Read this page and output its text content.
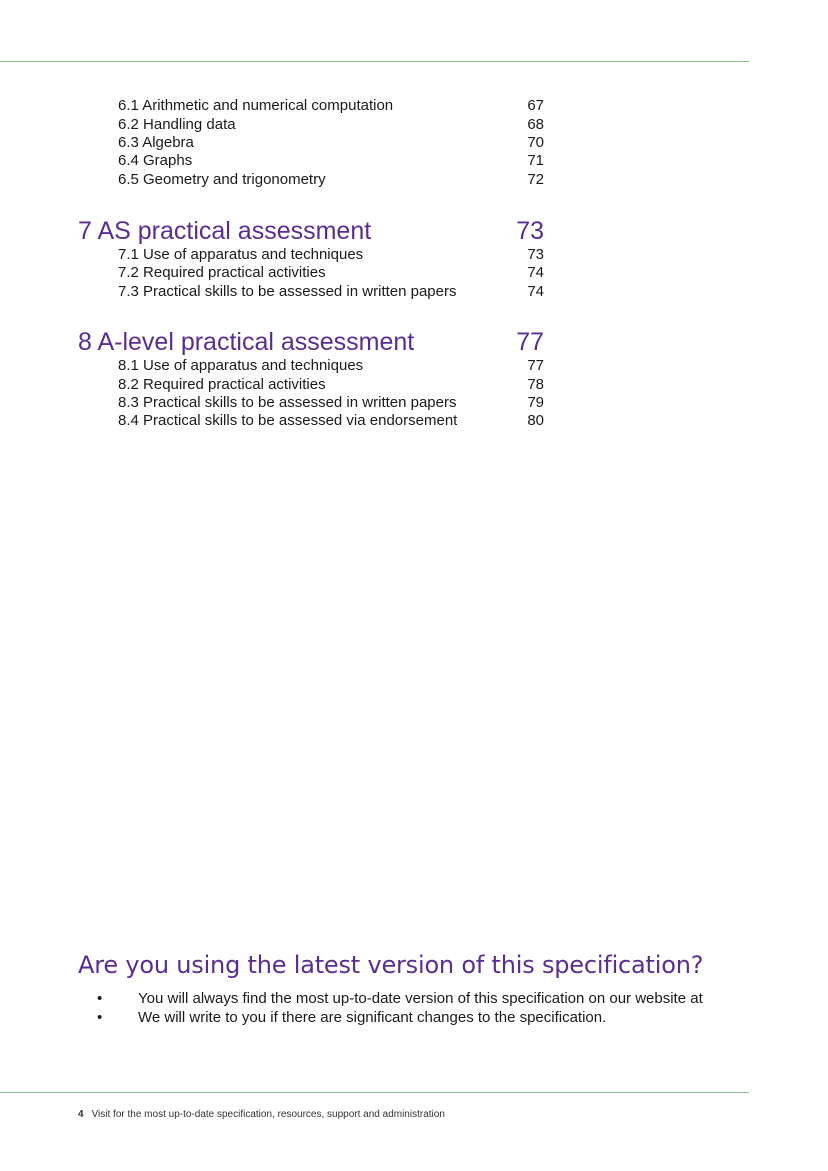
6.1 Arithmetic and numerical computation	67
6.2 Handling data	68
6.3 Algebra	70
6.4 Graphs	71
6.5 Geometry and trigonometry	72
7 AS practical assessment	73
7.1 Use of apparatus and techniques	73
7.2 Required practical activities	74
7.3 Practical skills to be assessed in written papers	74
8 A-level practical assessment	77
8.1 Use of apparatus and techniques	77
8.2 Required practical activities	78
8.3 Practical skills to be assessed in written papers	79
8.4 Practical skills to be assessed via endorsement	80
Are you using the latest version of this specification?
• You will always find the most up-to-date version of this specification on our website at
• We will write to you if there are significant changes to the specification.
4 Visit for the most up-to-date specification, resources, support and administration
